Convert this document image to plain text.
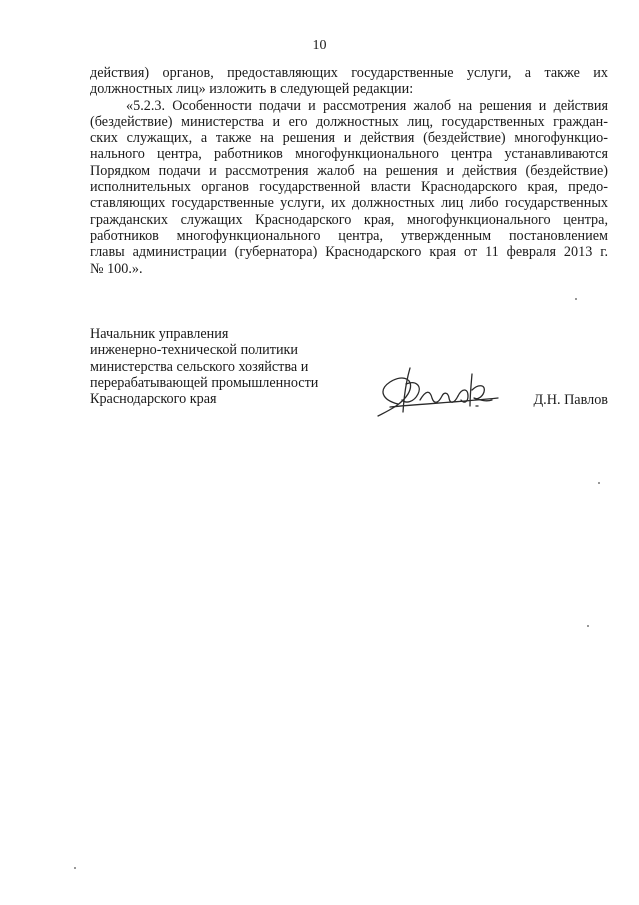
10
действия) органов, предоставляющих государственные услуги, а также их
должностных лиц» изложить в следующей редакции:
«5.2.3. Особенности подачи и рассмотрения жалоб на решения и действия
(бездействие) министерства и его должностных лиц, государственных граждан-
ских служащих, а также на решения и действия (бездействие) многофункцио-
нального центра, работников многофункционального центра устанавливаются
Порядком подачи и рассмотрения жалоб на решения и действия (бездействие)
исполнительных органов государственной власти Краснодарского края, предо-
ставляющих государственные услуги, их должностных лиц либо государственных
гражданских служащих Краснодарского края, многофункционального центра,
работников многофункционального центра, утвержденным постановлением
главы администрации (губернатора) Краснодарского края от 11 февраля 2013 г.
№ 100.».
Начальник управления
инженерно-технической политики
министерства сельского хозяйства и
перерабатывающей промышленности
Краснодарского края	Д.Н. Павлов
